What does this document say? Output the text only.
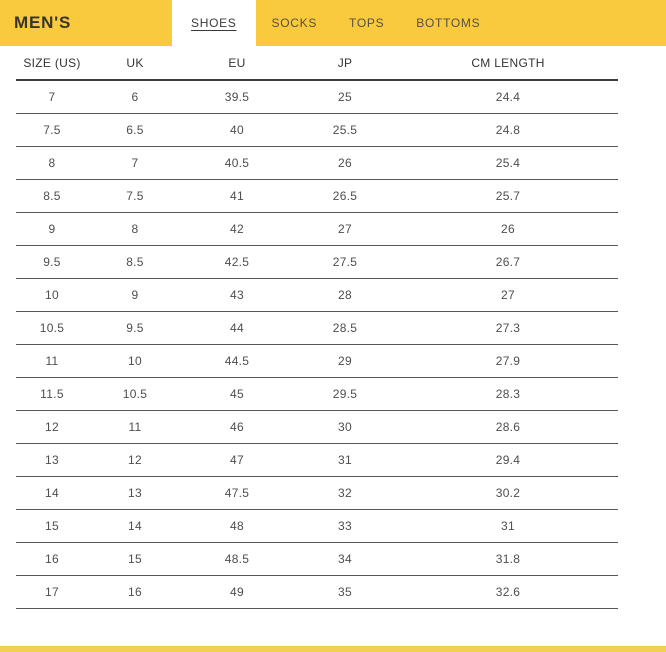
MEN'S	SHOES	SOCKS	TOPS	BOTTOMS
SIZE (US)	UK	EU	JP	CM LENGTH
7	6	39.5	25	24.4
7.5	6.5	40	25.5	24.8
8	7	40.5	26	25.4
8.5	7.5	41	26.5	25.7
9	8	42	27	26
9.5	8.5	42.5	27.5	26.7
10	9	43	28	27
10.5	9.5	44	28.5	27.3
11	10	44.5	29	27.9
11.5	10.5	45	29.5	28.3
12	11	46	30	28.6
13	12	47	31	29.4
14	13	47.5	32	30.2
15	14	48	33	31
16	15	48.5	34	31.8
17	16	49	35	32.6
